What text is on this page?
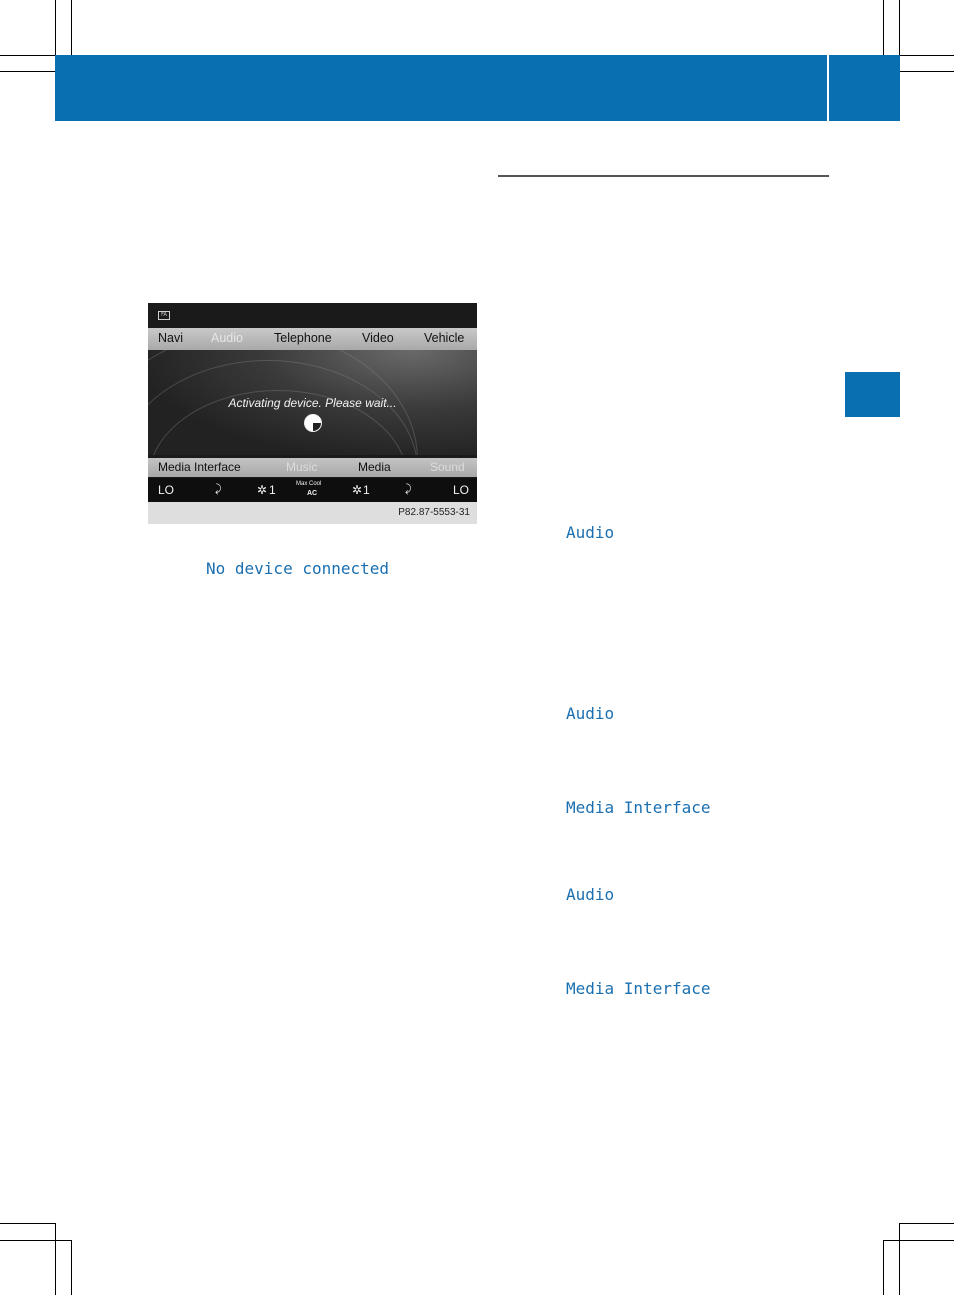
FA
Navi Audio Telephone Video Vehicle
Activating device. Please wait...
Media Interface	Music	Media	Sound
LO	⤸	✲ 1	Max Cool
AC	✲ 1	⤸	LO
P82.87-5553-31
No device connected
Audio
Audio
Media Interface
Audio
Media Interface
